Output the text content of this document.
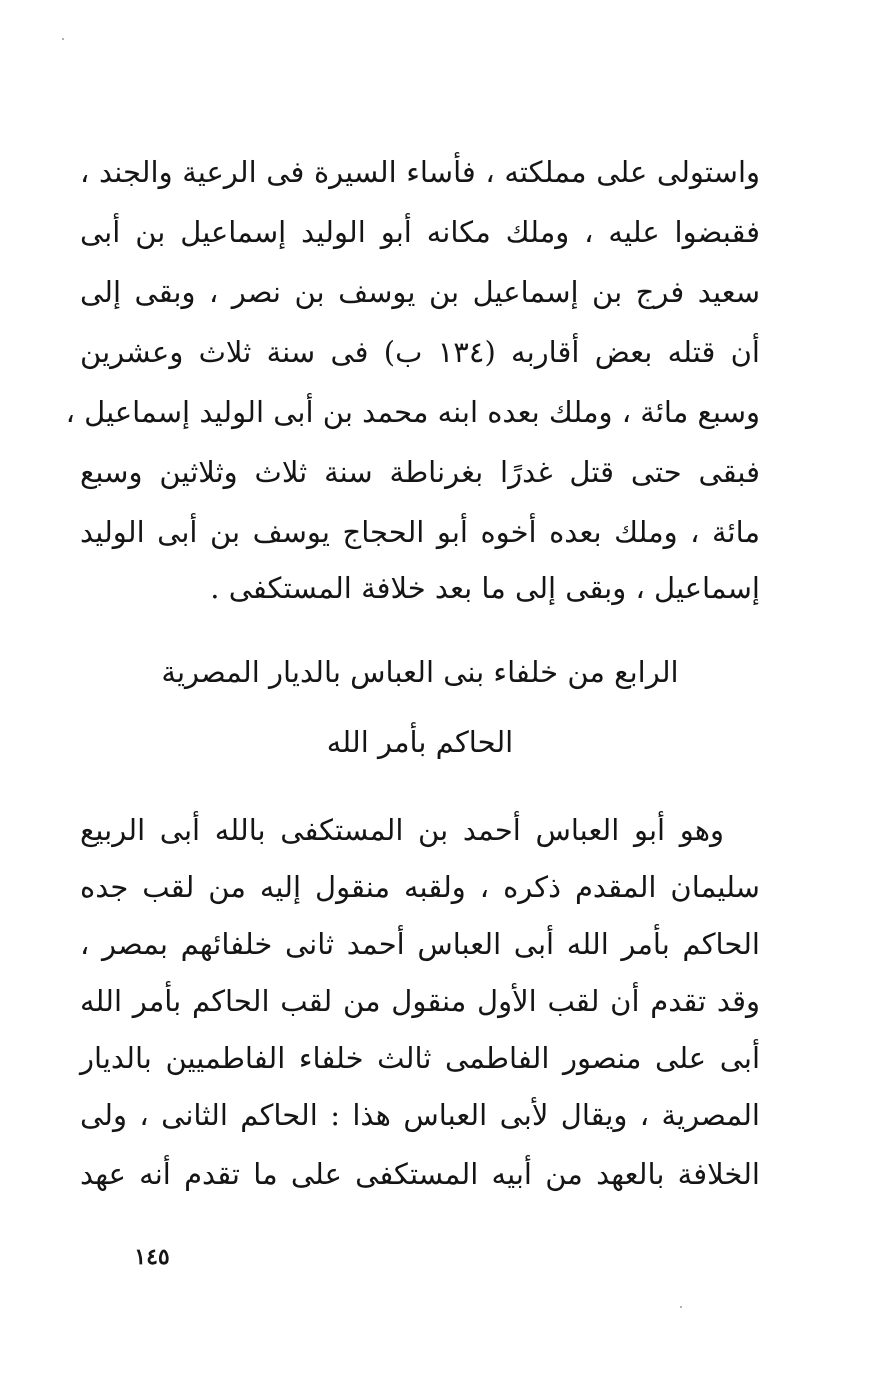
واستولى على مملكته ، فأساء السيرة فى الرعية والجند ،
فقبضوا عليه ، وملك مكانه أبو الوليد إسماعيل بن أبى
سعيد فرج بن إسماعيل بن يوسف بن نصر ، وبقى إلى
أن قتله بعض أقاربه (١٣٤ ب) فى سنة ثلاث وعشرين
وسبع مائة ، وملك بعده ابنه محمد بن أبى الوليد إسماعيل ،
فبقى حتى قتل غدرًا بغرناطة سنة ثلاث وثلاثين وسبع
مائة ، وملك بعده أخوه أبو الحجاج يوسف بن أبى الوليد
إسماعيل ، وبقى إلى ما بعد خلافة المستكفى .
الرابع من خلفاء بنى العباس بالديار المصرية
الحاكم بأمر الله
وهو أبو العباس أحمد بن المستكفى بالله أبى الربيع
سليمان المقدم ذكره ، ولقبه منقول إليه من لقب جده
الحاكم بأمر الله أبى العباس أحمد ثانى خلفائهم بمصر ،
وقد تقدم أن لقب الأول منقول من لقب الحاكم بأمر الله
أبى على منصور الفاطمى ثالث خلفاء الفاطميين بالديار
المصرية ، ويقال لأبى العباس هذا : الحاكم الثانى ، ولى
الخلافة بالعهد من أبيه المستكفى على ما تقدم أنه عهد
١٤٥
